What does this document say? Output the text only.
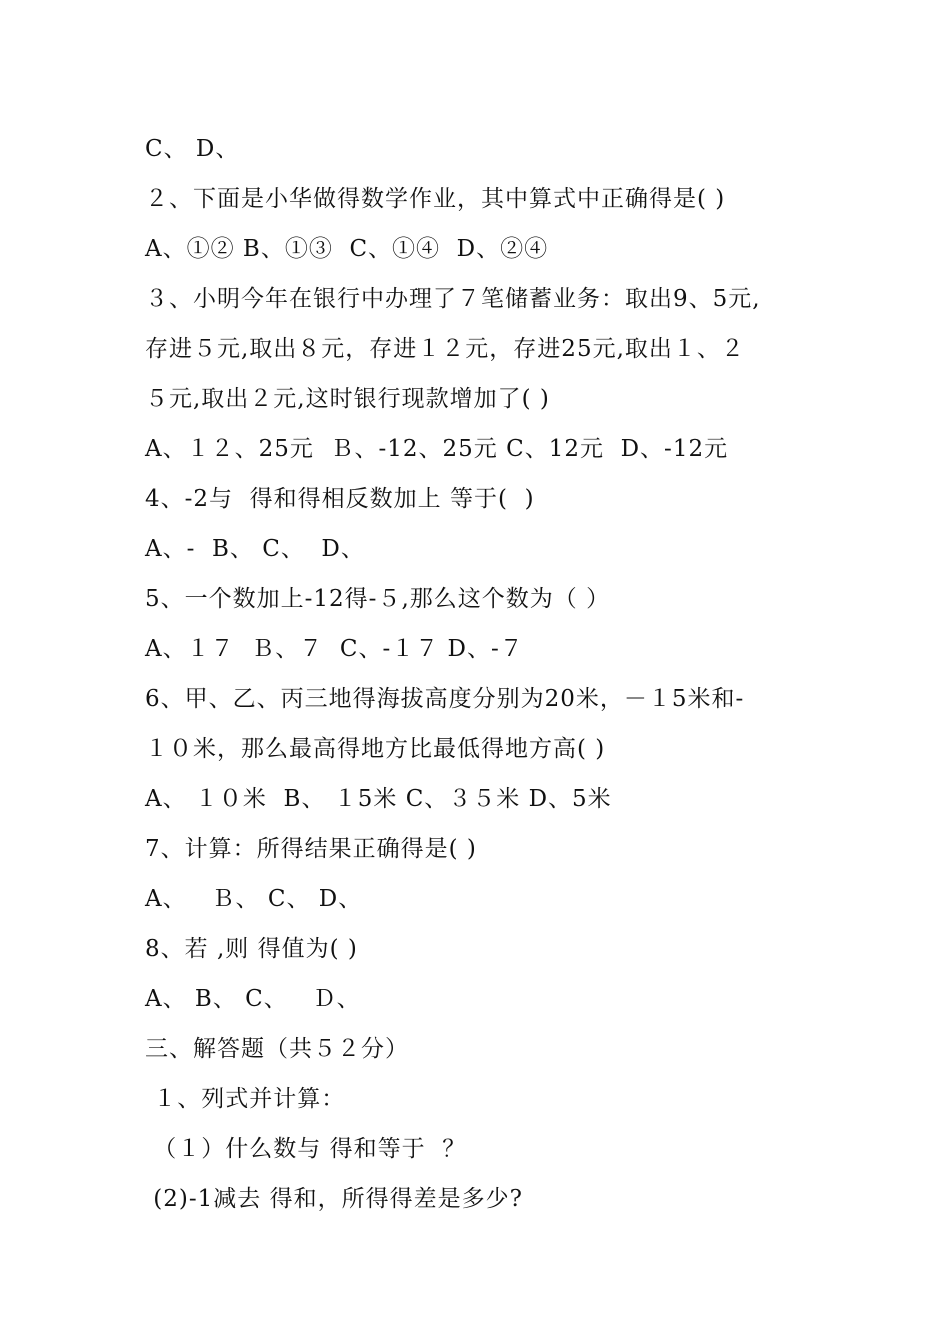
C、 D、
２、下面是小华做得数学作业，其中算式中正确得是( )
A、①② B、①③  C、①④  D、②④
３、小明今年在银行中办理了７笔储蓄业务：取出9、5元,
存进５元,取出８元，存进１２元，存进25元,取出１、２
５元,取出２元,这时银行现款增加了( )
A、１２、25元  Ｂ、-12、25元 C、12元  D、-12元
4、-2与  得和得相反数加上 等于(  )
A、-  B、 C、  D、
5、一个数加上-12得-５,那么这个数为（ ）
A、１７  Ｂ、７  C、-１７ D、-７
6、甲、乙、丙三地得海拔高度分别为20米，－１5米和-
１０米，那么最高得地方比最低得地方高( )
A、 １０米  B、 １5米 C、３５米 D、5米
7、计算：所得结果正确得是( )
A、   Ｂ、 C、 D、
8、若 ,则 得值为( )
A、 B、 C、   Ｄ、
三、解答题（共５２分）
１、列式并计算：
（１）什么数与 得和等于  ？
(2)-1减去 得和，所得得差是多少?
